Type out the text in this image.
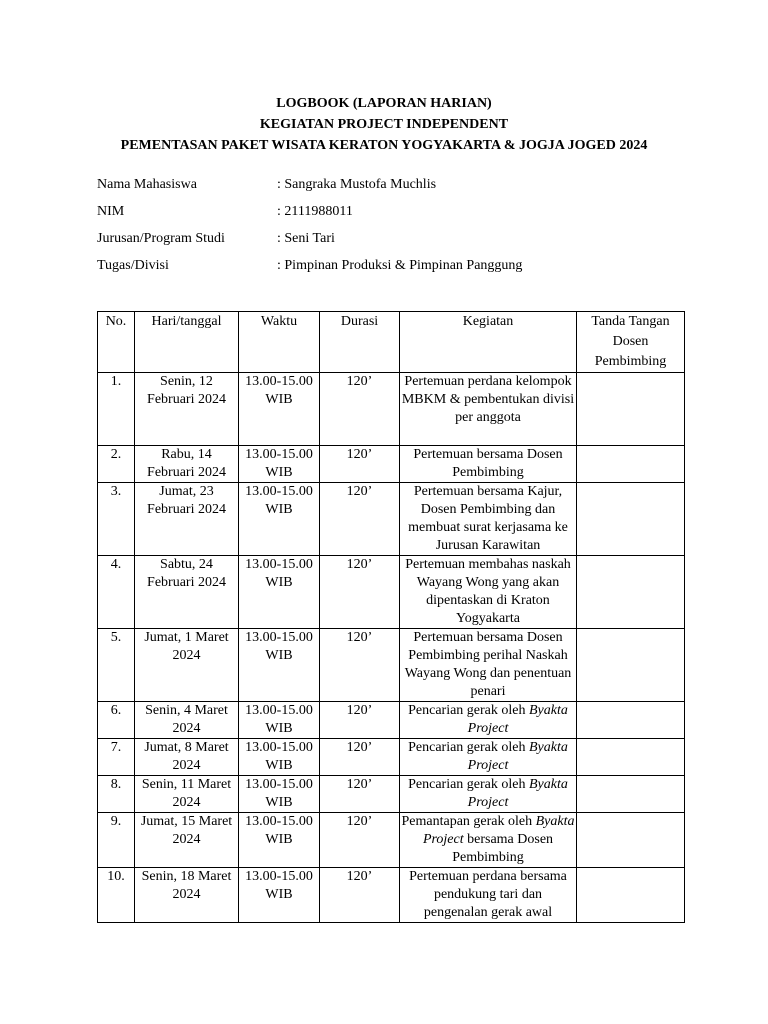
LOGBOOK (LAPORAN HARIAN)
KEGIATAN PROJECT INDEPENDENT
PEMENTASAN PAKET WISATA KERATON YOGYAKARTA & JOGJA JOGED 2024
Nama Mahasiswa	: Sangraka Mustofa Muchlis
NIM	: 2111988011
Jurusan/Program Studi	: Seni Tari
Tugas/Divisi	: Pimpinan Produksi & Pimpinan Panggung
No.	Hari/tanggal	Waktu	Durasi	Kegiatan	Tanda Tangan Dosen Pembimbing
1.	Senin, 12 Februari 2024	13.00-15.00 WIB	120’	Pertemuan perdana kelompok MBKM & pembentukan divisi per anggota	
2.	Rabu, 14 Februari 2024	13.00-15.00 WIB	120’	Pertemuan bersama Dosen Pembimbing	
3.	Jumat, 23 Februari 2024	13.00-15.00 WIB	120’	Pertemuan bersama Kajur, Dosen Pembimbing dan membuat surat kerjasama ke Jurusan Karawitan	
4.	Sabtu, 24 Februari 2024	13.00-15.00 WIB	120’	Pertemuan membahas naskah Wayang Wong yang akan dipentaskan di Kraton Yogyakarta	
5.	Jumat, 1 Maret 2024	13.00-15.00 WIB	120’	Pertemuan bersama Dosen Pembimbing perihal Naskah Wayang Wong dan penentuan penari	
6.	Senin, 4 Maret 2024	13.00-15.00 WIB	120’	Pencarian gerak oleh Byakta Project	
7.	Jumat, 8 Maret 2024	13.00-15.00 WIB	120’	Pencarian gerak oleh Byakta Project	
8.	Senin, 11 Maret 2024	13.00-15.00 WIB	120’	Pencarian gerak oleh Byakta Project	
9.	Jumat, 15 Maret 2024	13.00-15.00 WIB	120’	Pemantapan gerak oleh Byakta Project bersama Dosen Pembimbing	
10.	Senin, 18 Maret 2024	13.00-15.00 WIB	120’	Pertemuan perdana bersama pendukung tari dan pengenalan gerak awal	
